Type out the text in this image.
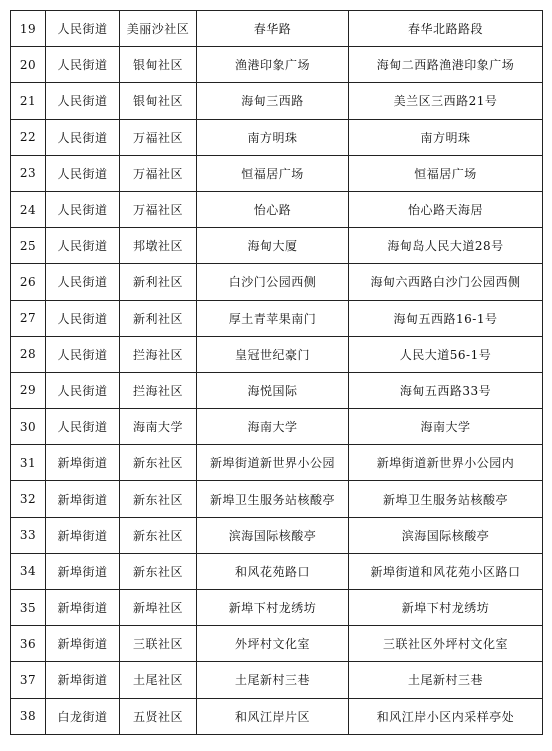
19	人民街道	美丽沙社区	春华路	春华北路路段
20	人民街道	银甸社区	渔港印象广场	海甸二西路渔港印象广场
21	人民街道	银甸社区	海甸三西路	美兰区三西路21号
22	人民街道	万福社区	南方明珠	南方明珠
23	人民街道	万福社区	恒福居广场	恒福居广场
24	人民街道	万福社区	怡心路	怡心路天海居
25	人民街道	邦墩社区	海甸大厦	海甸岛人民大道28号
26	人民街道	新利社区	白沙门公园西侧	海甸六西路白沙门公园西侧
27	人民街道	新利社区	厚土青苹果南门	海甸五西路16-1号
28	人民街道	拦海社区	皇冠世纪豪门	人民大道56-1号
29	人民街道	拦海社区	海悦国际	海甸五西路33号
30	人民街道	海南大学	海南大学	海南大学
31	新埠街道	新东社区	新埠街道新世界小公园	新埠街道新世界小公园内
32	新埠街道	新东社区	新埠卫生服务站核酸亭	新埠卫生服务站核酸亭
33	新埠街道	新东社区	滨海国际核酸亭	滨海国际核酸亭
34	新埠街道	新东社区	和风花苑路口	新埠街道和风花苑小区路口
35	新埠街道	新埠社区	新埠下村龙绣坊	新埠下村龙绣坊
36	新埠街道	三联社区	外坪村文化室	三联社区外坪村文化室
37	新埠街道	土尾社区	土尾新村三巷	土尾新村三巷
38	白龙街道	五贤社区	和风江岸片区	和风江岸小区内采样亭处
